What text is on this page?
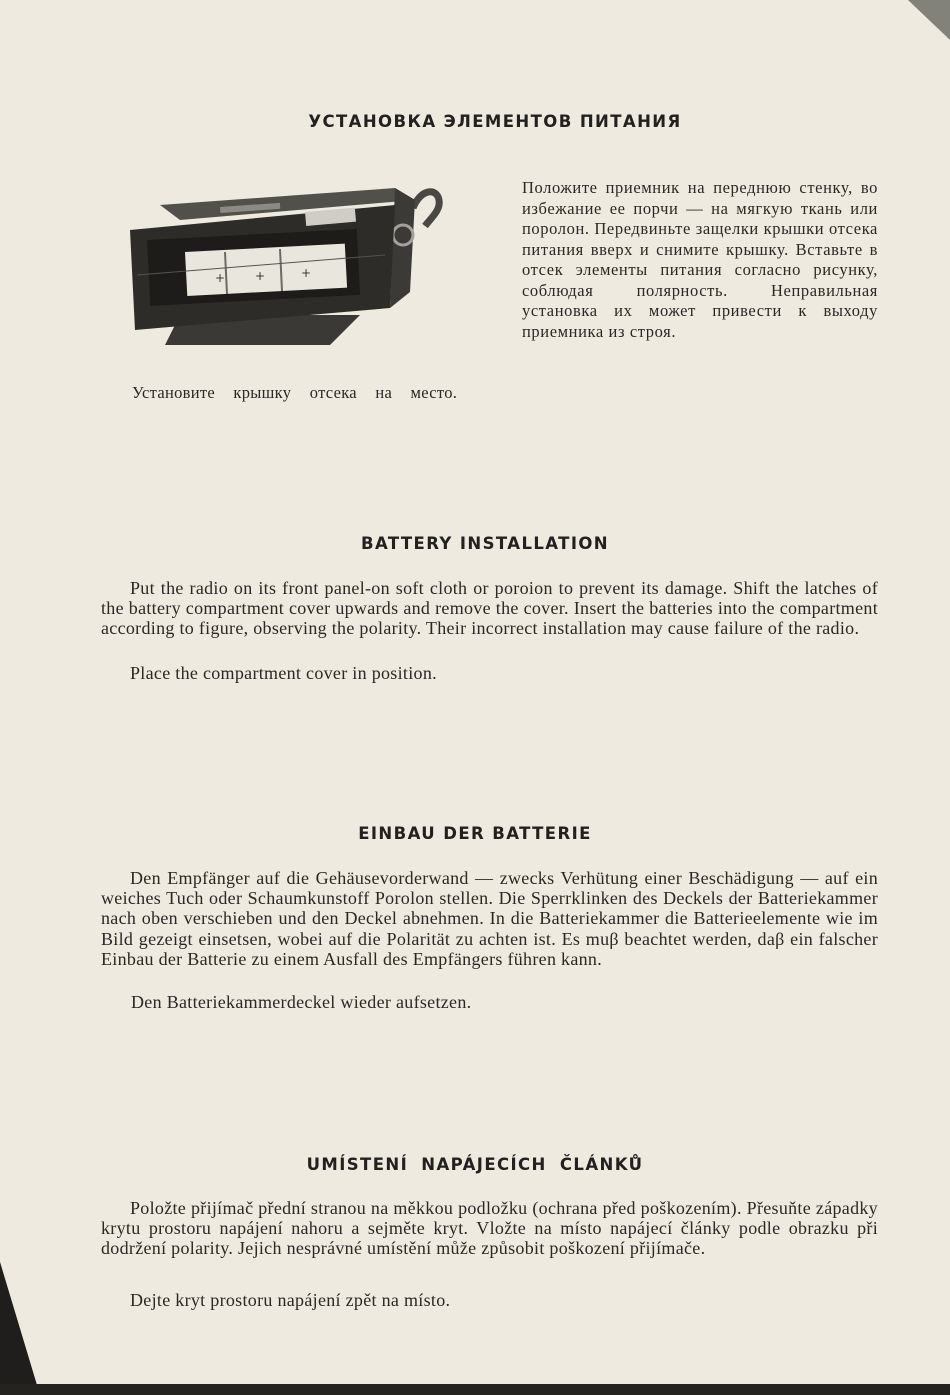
УСТАНОВКА ЭЛЕМЕНТОВ ПИТАНИЯ
+ +	+

Положите приемник на переднюю стенку, во избежание ее порчи — на мягкую ткань или поролон. Передвиньте защелки крышки отсека питания вверх и снимите крышку. Вставьте в отсек элементы питания согласно рисунку, соблюдая полярность. Неправильная установка их может привести к выходу приемника из строя.

Установите крышку отсека на место.

BATTERY INSTALLATION

Put the radio on its front panel-on soft cloth or poroion to prevent its damage. Shift the latches of the battery compartment cover upwards and remove the cover. Insert the batteries into the compartment according to figure, observing the polarity. Their incorrect installation may cause failure of the radio.

Place the compartment cover in position.

EINBAU DER BATTERIE

Den Empfänger auf die Gehäusevorderwand — zwecks Verhütung einer Beschädigung — auf ein weiches Tuch oder Schaumkunstoff Porolon stellen. Die Sperrklinken des Deckels der Batteriekammer nach oben verschieben und den Deckel abnehmen. In die Batteriekammer die Batterieelemente wie im Bild gezeigt einsetsen, wobei auf die Polarität zu achten ist. Es muβ beachtet werden, daβ ein falscher Einbau der Batterie zu einem Ausfall des Empfängers führen kann.

Den Batteriekammerdeckel wieder aufsetzen.

UMÍSTENÍ NAPÁJECÍCH ČLÁNKŮ

Položte přijímač přední stranou na měkkou podložku (ochrana před poškozením). Přesuňte západky krytu prostoru napájení nahoru a sejměte kryt. Vložte na místo napájecí články podle obrazku při dodržení polarity. Jejich nesprávné umístění může způsobit poškození přijímače.

Dejte kryt prostoru napájení zpět na místo.
